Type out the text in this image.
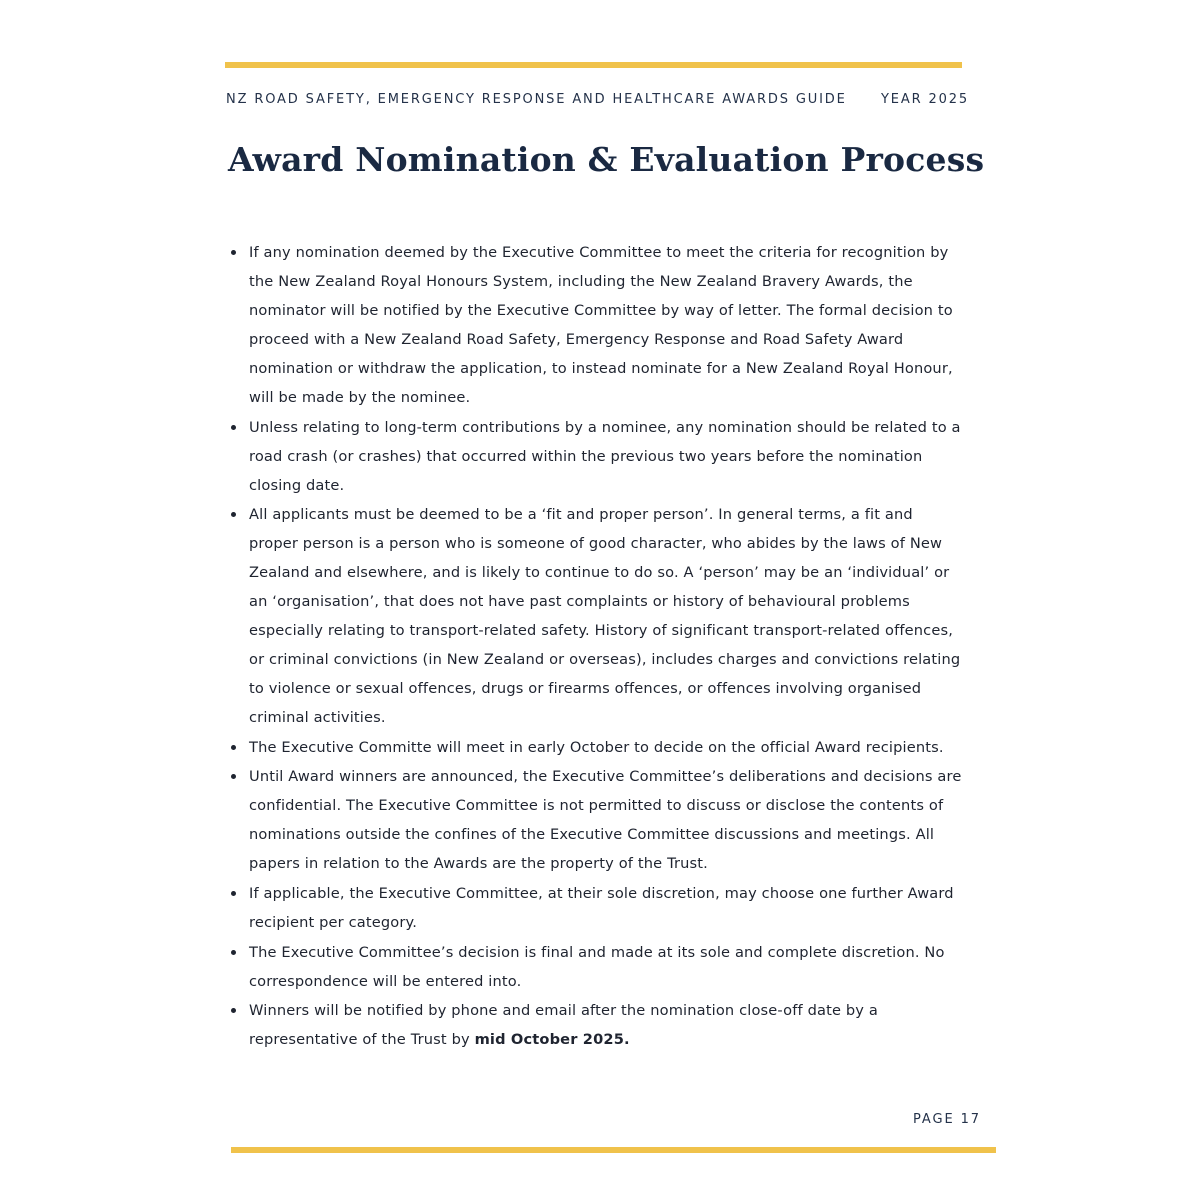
NZ ROAD SAFETY, EMERGENCY RESPONSE AND HEALTHCARE AWARDS GUIDE	YEAR 2025
Award Nomination & Evaluation Process
If any nomination deemed by the Executive Committee to meet the criteria for recognition by the New Zealand Royal Honours System, including the New Zealand Bravery Awards, the nominator will be notified by the Executive Committee by way of letter. The formal decision to proceed with a New Zealand Road Safety, Emergency Response and Road Safety Award nomination or withdraw the application, to instead nominate for a New Zealand Royal Honour, will be made by the nominee.
Unless relating to long-term contributions by a nominee, any nomination should be related to a road crash (or crashes) that occurred within the previous two years before the nomination closing date.
All applicants must be deemed to be a ‘fit and proper person’. In general terms, a fit and proper person is a person who is someone of good character, who abides by the laws of New Zealand and elsewhere, and is likely to continue to do so. A ‘person’ may be an ‘individual’ or an ‘organisation’, that does not have past complaints or history of behavioural problems especially relating to transport-related safety. History of significant transport-related offences, or criminal convictions (in New Zealand or overseas), includes charges and convictions relating to violence or sexual offences, drugs or firearms offences, or offences involving organised criminal activities.
The Executive Committe will meet in early October to decide on the official Award recipients.
Until Award winners are announced, the Executive Committee’s deliberations and decisions are confidential. The Executive Committee is not permitted to discuss or disclose the contents of nominations outside the confines of the Executive Committee discussions and meetings. All papers in relation to the Awards are the property of the Trust.
If applicable, the Executive Committee, at their sole discretion, may choose one further Award recipient per category.
The Executive Committee’s decision is final and made at its sole and complete discretion. No correspondence will be entered into.
Winners will be notified by phone and email after the nomination close-off date by a representative of the Trust by mid October 2025.
PAGE 17
